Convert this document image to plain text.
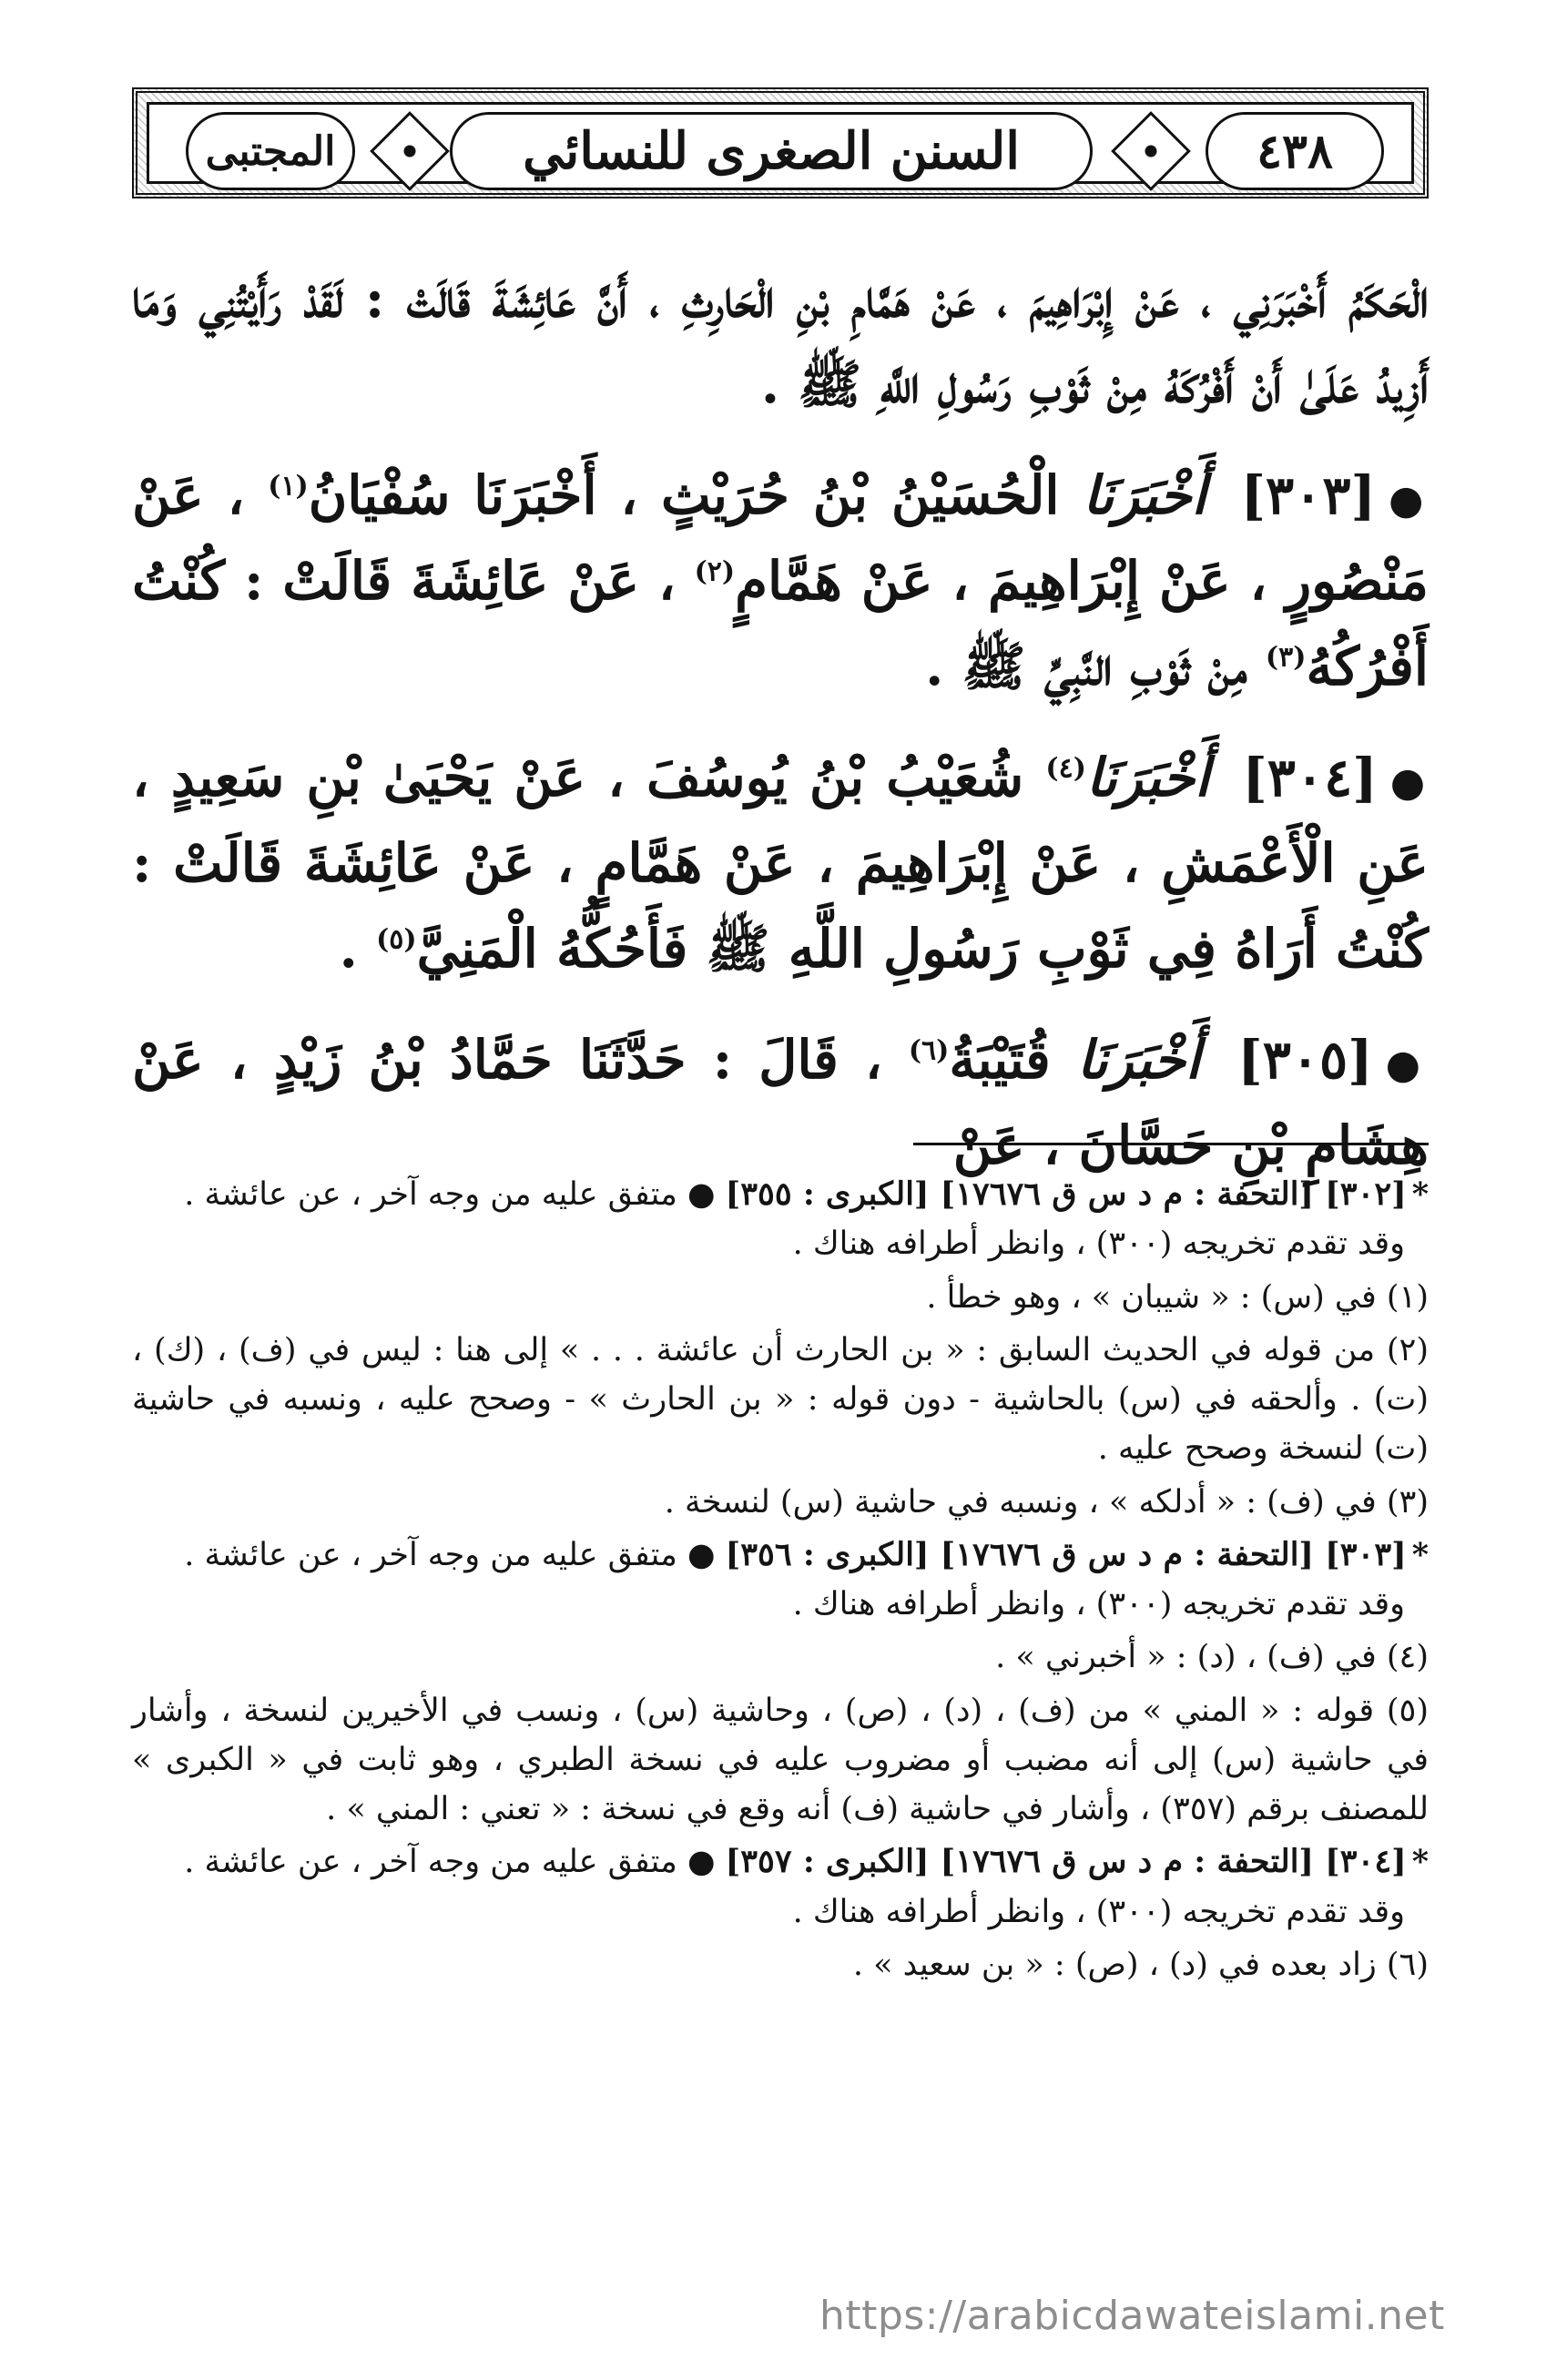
٤٣٨
السنن الصغرى للنسائي
المجتبى

الْحَكَمُ أَخْبَرَنِي ، عَنْ إِبْرَاهِيمَ ، عَنْ هَمَّامِ بْنِ الْحَارِثِ ، أَنَّ عَائِشَةَ قَالَتْ : لَقَدْ رَأَيْتُنِي وَمَا أَزِيدُ عَلَىٰ أَنْ أَفْرُكَهُ مِنْ ثَوْبِ رَسُولِ اللَّهِ ﷺ .

●[٣٠٣] أَخْبَرَنَا الْحُسَيْنُ بْنُ حُرَيْثٍ ، أَخْبَرَنَا سُفْيَانُ$^{(١)}$ ، عَنْ مَنْصُورٍ ، عَنْ إِبْرَاهِيمَ ، عَنْ هَمَّامٍ$^{(٢)}$ ، عَنْ عَائِشَةَ قَالَتْ : كُنْتُ أَفْرُكُهُ$^{(٣)}$ مِنْ ثَوْبِ النَّبِيِّ ﷺ .

●[٣٠٤] أَخْبَرَنَا$^{(٤)}$ شُعَيْبُ بْنُ يُوسُفَ ، عَنْ يَحْيَىٰ بْنِ سَعِيدٍ ، عَنِ الْأَعْمَشِ ، عَنْ إِبْرَاهِيمَ ، عَنْ هَمَّامٍ ، عَنْ عَائِشَةَ قَالَتْ : كُنْتُ أَرَاهُ فِي ثَوْبِ رَسُولِ اللَّهِ ﷺ فَأَحُكُّهُ الْمَنِيَّ$^{(٥)}$ .

●[٣٠٥] أَخْبَرَنَا قُتَيْبَةُ$^{(٦)}$ ، قَالَ : حَدَّثَنَا حَمَّادُ بْنُ زَيْدٍ ، عَنْ هِشَامِ بْنِ حَسَّانَ ، عَنْ

*[٣٠٢] [التحفة : م د س ق ١٧٦٧٦] [الكبرى : ٣٥٥] ● متفق عليه من وجه آخر ، عن عائشة .
وقد تقدم تخريجه (٣٠٠) ، وانظر أطرافه هناك .
(١) في (س) : « شيبان » ، وهو خطأ .
(٢) من قوله في الحديث السابق : « بن الحارث أن عائشة . . . » إلى هنا : ليس في (ف) ، (ك) ، (ت) . وألحقه في (س) بالحاشية - دون قوله : « بن الحارث » - وصحح عليه ، ونسبه في حاشية (ت) لنسخة وصحح عليه .
(٣) في (ف) : « أدلكه » ، ونسبه في حاشية (س) لنسخة .
*[٣٠٣] [التحفة : م د س ق ١٧٦٧٦] [الكبرى : ٣٥٦] ● متفق عليه من وجه آخر ، عن عائشة .
وقد تقدم تخريجه (٣٠٠) ، وانظر أطرافه هناك .
(٤) في (ف) ، (د) : « أخبرني » .
(٥) قوله : « المني » من (ف) ، (د) ، (ص) ، وحاشية (س) ، ونسب في الأخيرين لنسخة ، وأشار في حاشية (س) إلى أنه مضبب أو مضروب عليه في نسخة الطبري ، وهو ثابت في « الكبرى » للمصنف برقم (٣٥٧) ، وأشار في حاشية (ف) أنه وقع في نسخة : « تعني : المني » .
*[٣٠٤] [التحفة : م د س ق ١٧٦٧٦] [الكبرى : ٣٥٧] ● متفق عليه من وجه آخر ، عن عائشة .
وقد تقدم تخريجه (٣٠٠) ، وانظر أطرافه هناك .
(٦) زاد بعده في (د) ، (ص) : « بن سعيد » .
https://arabicdawateislami.net
